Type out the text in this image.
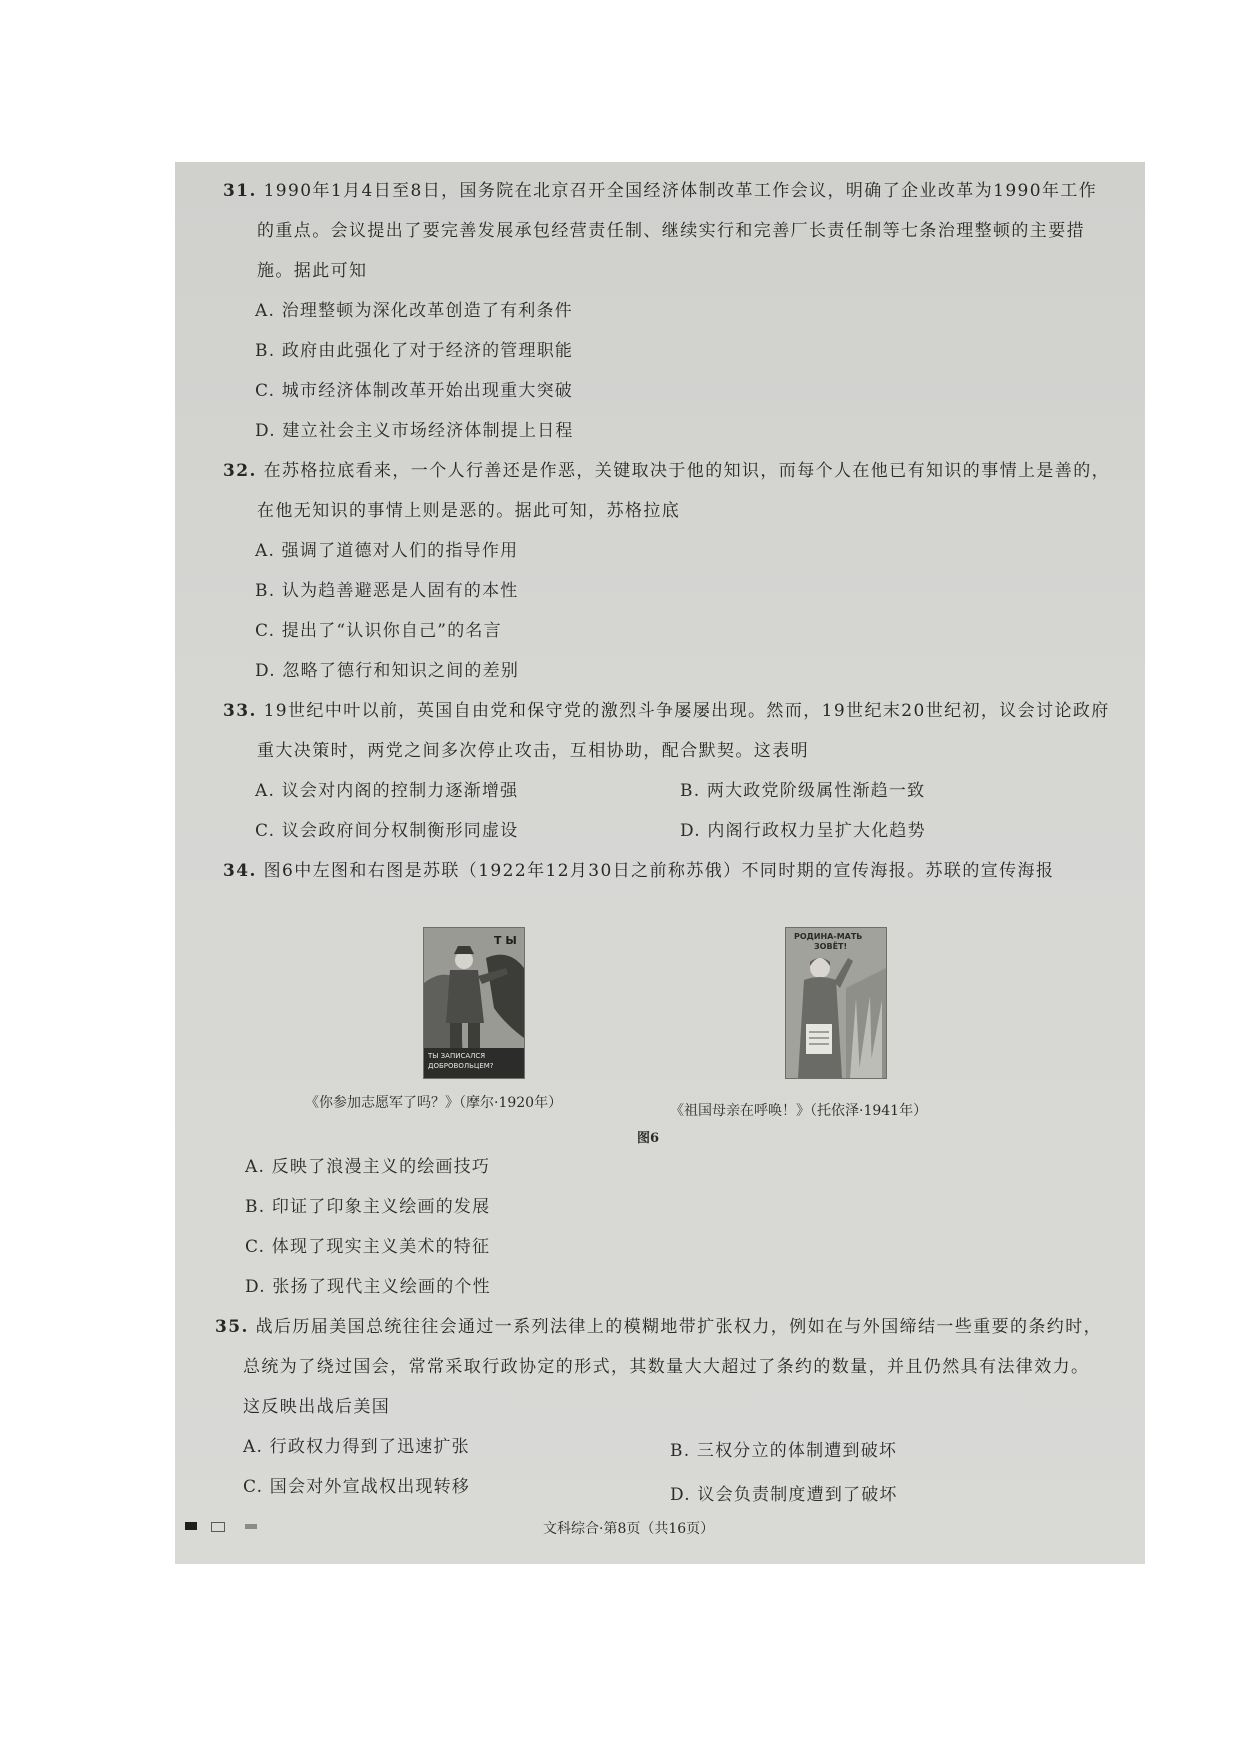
31. 1990年1月4日至8日，国务院在北京召开全国经济体制改革工作会议，明确了企业改革为1990年工作
的重点。会议提出了要完善发展承包经营责任制、继续实行和完善厂长责任制等七条治理整顿的主要措
施。据此可知
A. 治理整顿为深化改革创造了有利条件
B. 政府由此强化了对于经济的管理职能
C. 城市经济体制改革开始出现重大突破
D. 建立社会主义市场经济体制提上日程
32. 在苏格拉底看来，一个人行善还是作恶，关键取决于他的知识，而每个人在他已有知识的事情上是善的，
在他无知识的事情上则是恶的。据此可知，苏格拉底
A. 强调了道德对人们的指导作用
B. 认为趋善避恶是人固有的本性
C. 提出了“认识你自己”的名言
D. 忽略了德行和知识之间的差别
33. 19世纪中叶以前，英国自由党和保守党的激烈斗争屡屡出现。然而，19世纪末20世纪初，议会讨论政府
重大决策时，两党之间多次停止攻击，互相协助，配合默契。这表明
A. 议会对内阁的控制力逐渐增强	B. 两大政党阶级属性渐趋一致
C. 议会政府间分权制衡形同虚设	D. 内阁行政权力呈扩大化趋势
34. 图6中左图和右图是苏联（1922年12月30日之前称苏俄）不同时期的宣传海报。苏联的宣传海报
Т Ы
ТЫ ЗАПИСАЛСЯ
ДОБРОВОЛЬЦЕМ?
РОДИНА-МАТЬ
ЗОВЁТ!
《你参加志愿军了吗？》（摩尔·1920年）	《祖国母亲在呼唤！》（托依泽·1941年）
图6
A. 反映了浪漫主义的绘画技巧
B. 印证了印象主义绘画的发展
C. 体现了现实主义美术的特征
D. 张扬了现代主义绘画的个性
35. 战后历届美国总统往往会通过一系列法律上的模糊地带扩张权力，例如在与外国缔结一些重要的条约时，
总统为了绕过国会，常常采取行政协定的形式，其数量大大超过了条约的数量，并且仍然具有法律效力。
这反映出战后美国
A. 行政权力得到了迅速扩张	B. 三权分立的体制遭到破坏
C. 国会对外宣战权出现转移	D. 议会负责制度遭到了破坏
文科综合·第8页（共16页）
